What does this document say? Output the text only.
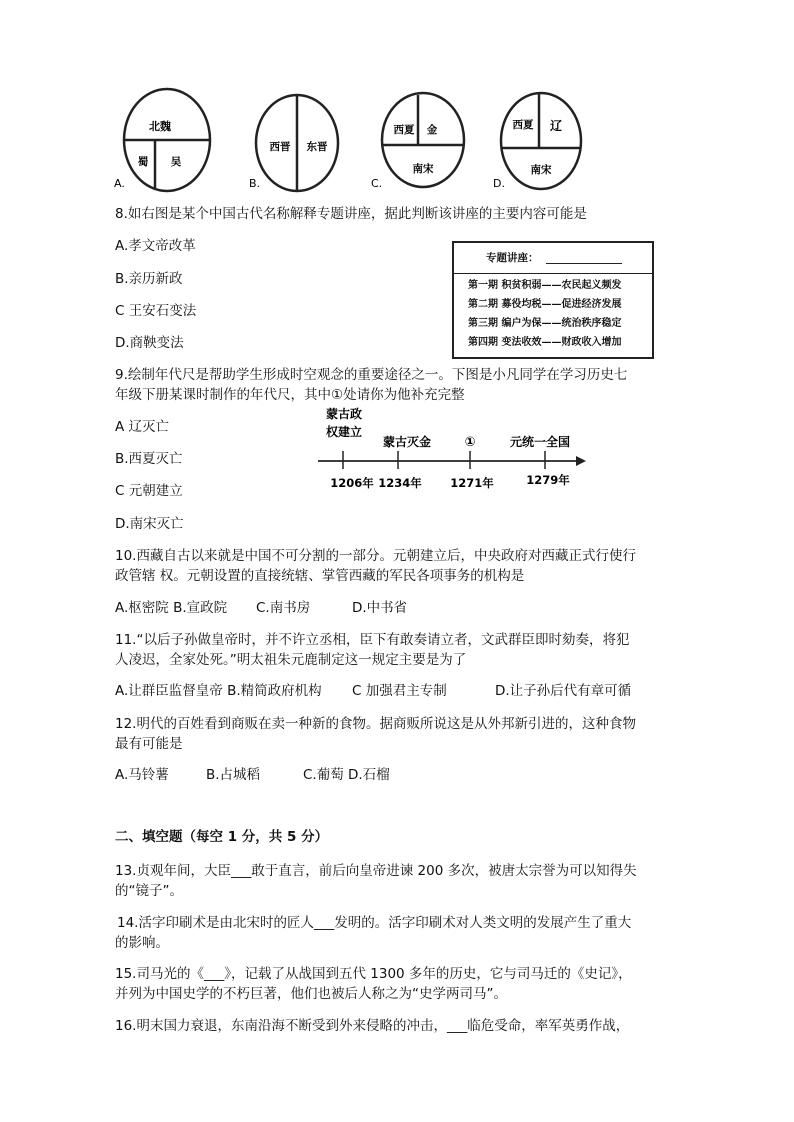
北魏
蜀 吴
A.
西晋 东晋
B.
西夏 金
南宋
C.
西夏 辽
南宋
D.
8.如右图是某个中国古代名称解释专题讲座，据此判断该讲座的主要内容可能是
A.孝文帝改革
B.亲历新政
C 王安石变法
D.商鞅变法
专题讲座：
第一期 积贫积弱——农民起义频发
第二期 募役均税——促进经济发展
第三期 编户为保——统治秩序稳定
第四期 变法收效——财政收入增加
9.绘制年代尺是帮助学生形成时空观念的重要途径之一。下图是小凡同学在学习历史七
年级下册某课时制作的年代尺，其中①处请你为他补充完整
A 辽灭亡
B.西夏灭亡
C 元朝建立
D.南宋灭亡
蒙古政
权建立
蒙古灭金	①	元统一全国
1206年 1234年 1271年	1279年
10.西藏自古以来就是中国不可分割的一部分。元朝建立后，中央政府对西藏正式行使行
政管辖 权。元朝设置的直接统辖、掌管西藏的军民各项事务的机构是
A.枢密院 B.宣政院 C.南书房	D.中书省
11.“以后子孙做皇帝时，并不许立丞相，臣下有敢奏请立者，文武群臣即时劾奏，将犯
人凌迟，全家处死。”明太祖朱元鹿制定这一规定主要是为了
A.让群臣监督皇帝 B.精简政府机构 C 加强君主专制	D.让子孙后代有章可循
12.明代的百姓看到商贩在卖一种新的食物。据商贩所说这是从外邦新引进的，这种食物
最有可能是
A.马铃薯	B.占城稻	C.葡萄 D.石榴
二、填空题（每空 1 分，共 5 分）
13.贞观年间，大臣___敢于直言，前后向皇帝进谏 200 多次，被唐太宗誉为可以知得失
的“镜子”。
14.活字印刷术是由北宋时的匠人___发明的。活字印刷术对人类文明的发展产生了重大
的影响。
15.司马光的《___》，记载了从战国到五代 1300 多年的历史，它与司马迁的《史记》，
并列为中国史学的不朽巨著，他们也被后人称之为“史学两司马”。
16.明末国力衰退，东南沿海不断受到外来侵略的冲击，___临危受命，率军英勇作战，
